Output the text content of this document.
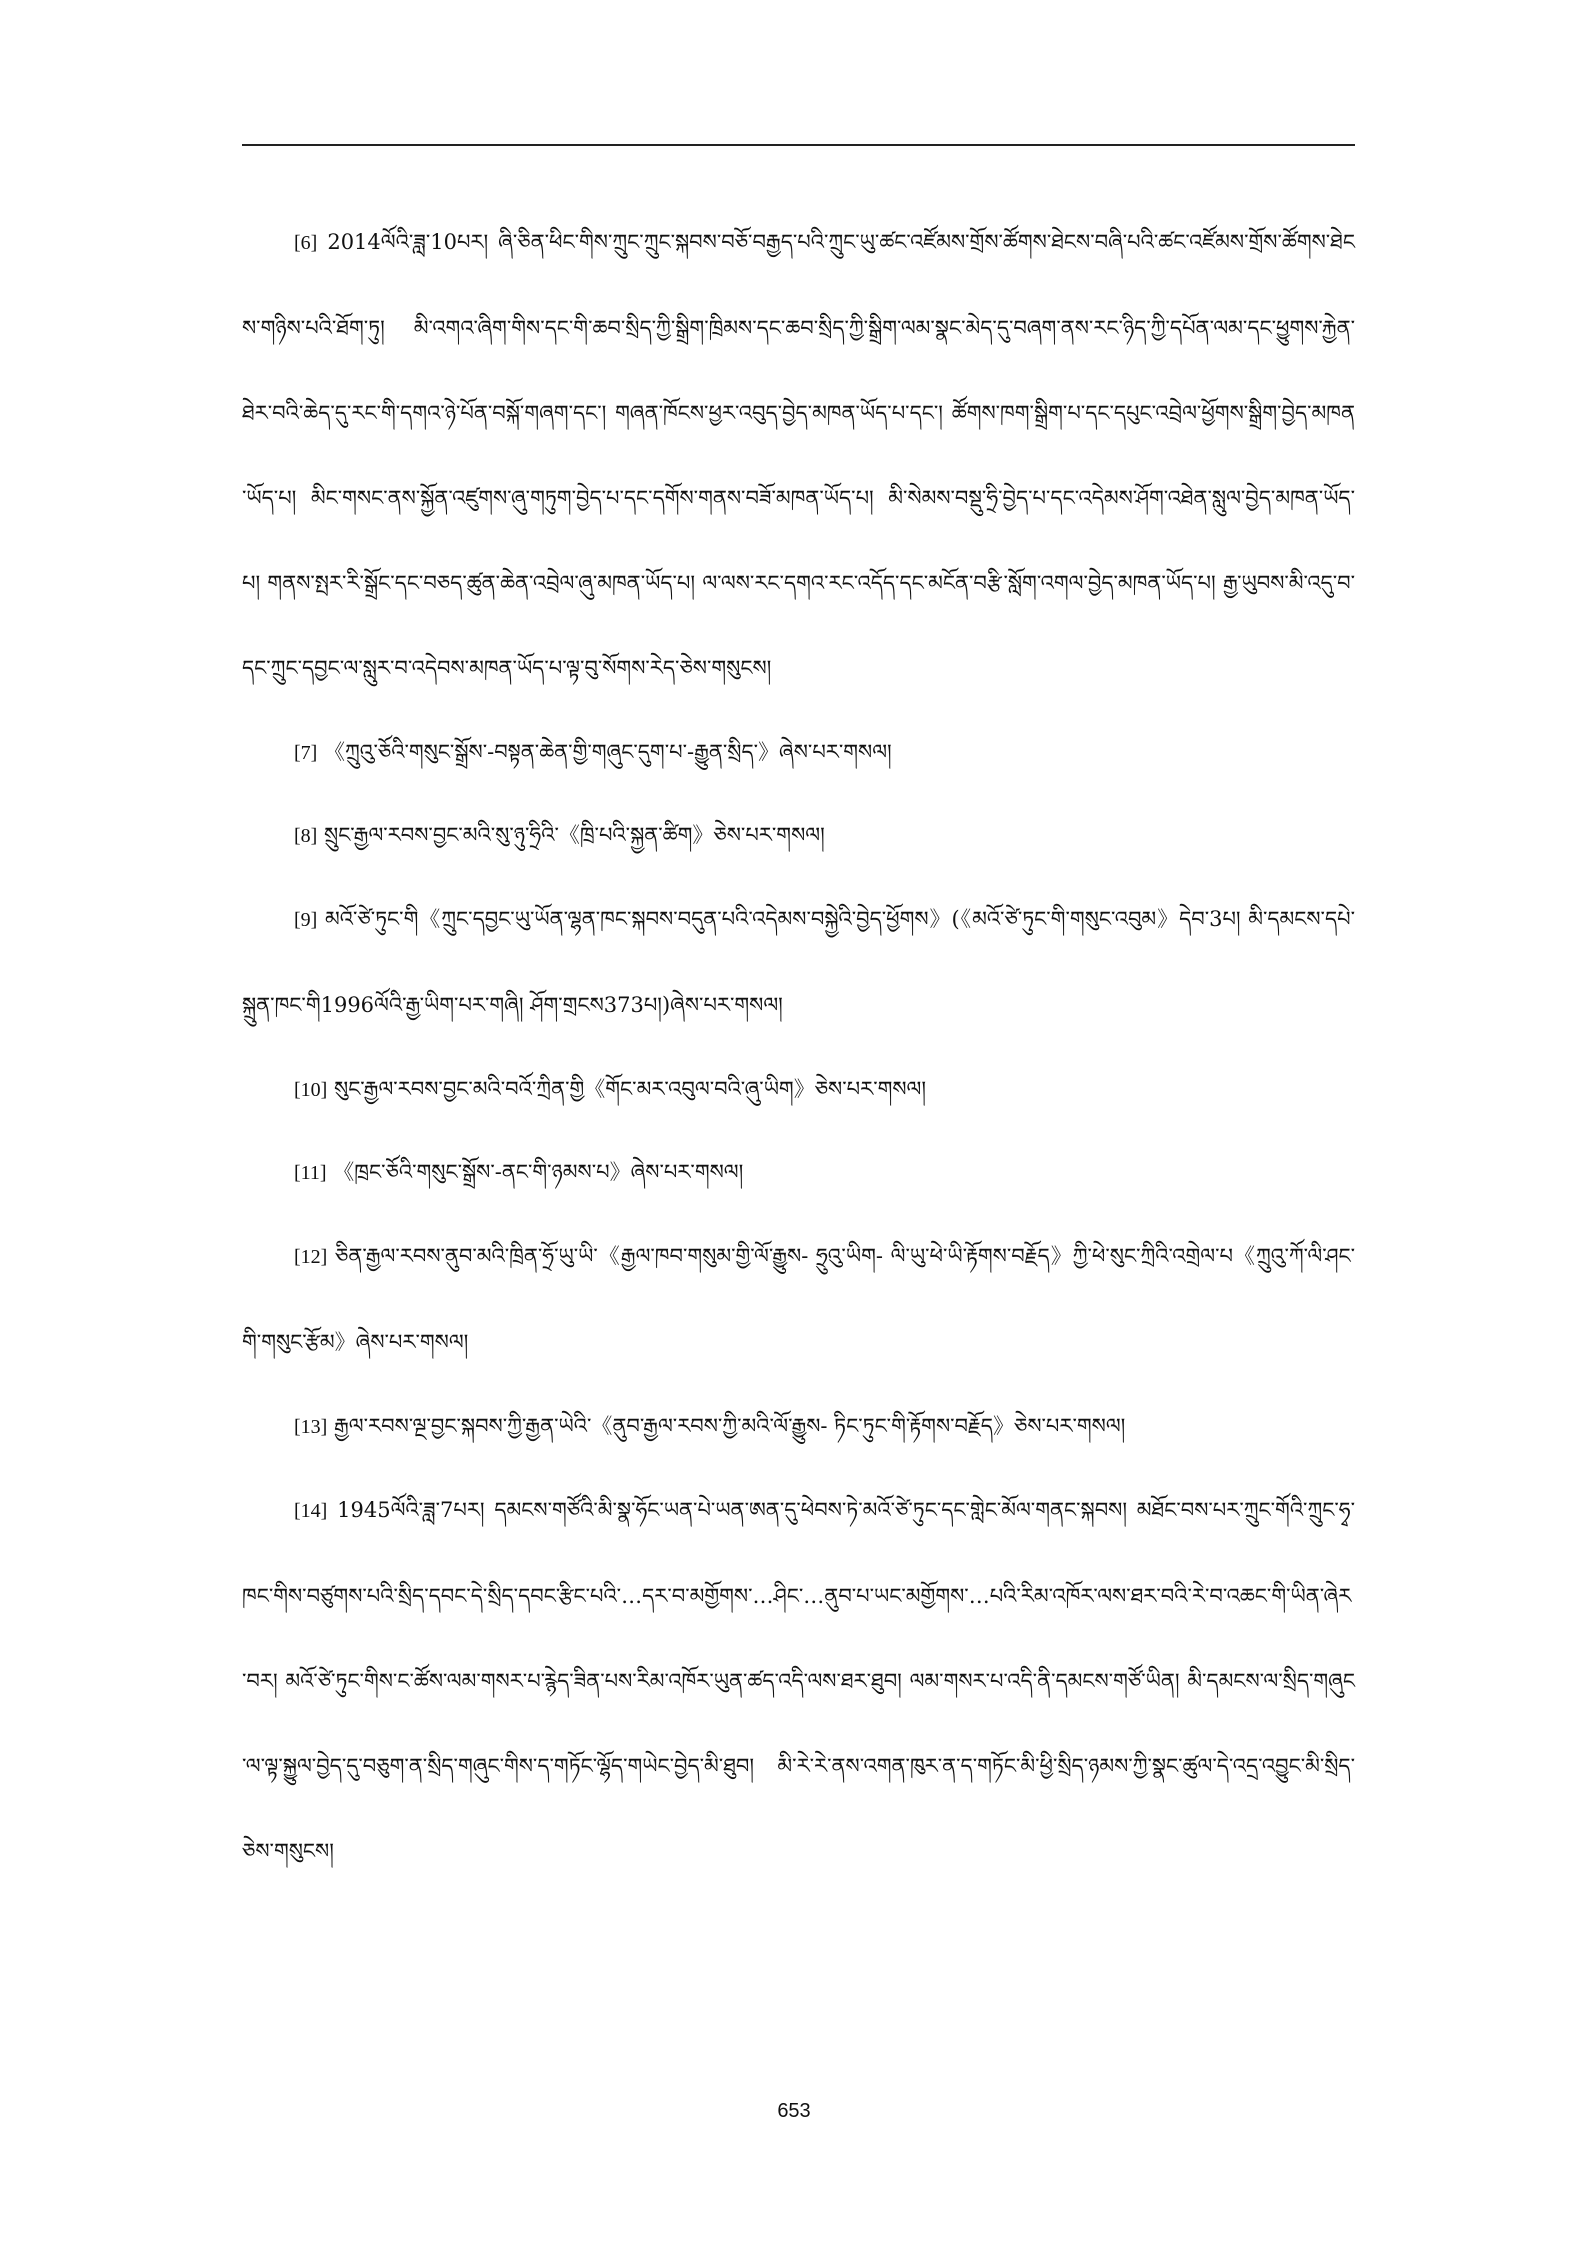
[6] 2014ལོའི་ཟླ་10པར། ཞི་ཅིན་ཕིང་གིས་ཀྲུང་ཀྲུང་སྐབས་བཅོ་བརྒྱད་པའི་ཀྲུང་ཡུ་ཚང་འཛོམས་གྲོས་ཚོགས་ཐེངས་བཞི་པའི་ཚང་འཛོམས་གྲོས་ཚོགས་ཐེངས་གཉིས་པའི་ཐོག་ཏུ། མི་འགའ་ཞིག་གིས་དང་གི་ཆབ་སྲིད་ཀྱི་སྒྲིག་ཁྲིམས་དང་ཆབ་སྲིད་ཀྱི་སྒྲིག་ལམ་སྣང་མེད་དུ་བཞག་ནས་རང་ཉིད་ཀྱི་དཔོན་ལམ་དང་ཕྱུགས་རྐྱེན་ཐེར་བའི་ཆེད་དུ་རང་གི་དགའ་ཉེ་པོན་བསྐོ་གཞག་དང་། གཞན་ཁོངས་ཕྱར་འབུད་བྱེད་མཁན་ཡོད་པ་དང་། ཚོགས་ཁག་སྒྲིག་པ་དང་དཔུང་འབྲེལ་ཕྱོགས་སྒྲིག་བྱེད་མཁན་ཡོད་པ། མིང་གསང་ནས་སྐྱོན་འཛུགས་ཞུ་གཏུག་བྱེད་པ་དང་དགོས་གནས་བཟོ་མཁན་ཡོད་པ། མི་སེམས་བསྡུ་ཧྲི་བྱེད་པ་དང་འདེམས་ཤོག་འཐེན་སླུལ་བྱེད་མཁན་ཡོད་པ། གནས་སྤར་རི་སྒྲོང་དང་བཅད་ཚུན་ཆེན་འབྲེལ་ཞུ་མཁན་ཡོད་པ། ལ་ལས་རང་དགའ་རང་འདོད་དང་མངོན་བརྩི་སློག་འགལ་བྱེད་མཁན་ཡོད་པ། རྒྱ་ཡུབས་མི་འདུ་བ་དང་ཀྲུང་དབྱང་ལ་སླུར་བ་འདེབས་མཁན་ཡོད་པ་ལྟ་བུ་སོགས་རེད་ཅེས་གསུངས།

[7] 《ཀྲུའུ་ཅོའི་གསུང་སྒྲོས་-བསྟན་ཆེན་གྱི་གཞུང་དུག་པ་-རྒྱུན་སྲིད་》ཞེས་པར་གསལ།

[8] སྲུང་རྒྱལ་རབས་བྱང་མའི་སུ་ཉུ་ཧྲིའི་《ཁྲི་པའི་སྐྱན་ཚིག》ཅེས་པར་གསལ།

[9] མའོ་ཙེ་ཏུང་གི《ཀྲུང་དབྱང་ཡུ་ཡོན་ལྷན་ཁང་སྐབས་བདུན་པའི་འདེམས་བསྐྱེའི་བྱེད་ཕྱོགས》(《མའོ་ཙེ་ཏུང་གི་གསུང་འབུམ》དེབ་3པ། མི་དམངས་དཔེ་སྐྲུན་ཁང་གི1996ལོའི་རྒྱ་ཡིག་པར་གཞི། ཤོག་གྲངས373པ།)ཞེས་པར་གསལ།

[10] སུང་རྒྱལ་རབས་བྱང་མའི་བའོ་ཀྲིན་གྱི《གོང་མར་འབུལ་བའི་ཞུ་ཡིག》ཅེས་པར་གསལ།

[11] 《ཁྲང་ཅོའི་གསུང་སྒྲོས་-ནང་གི་ཉམས་པ》ཞེས་པར་གསལ།

[12] ཅིན་རྒྱལ་རབས་ནུབ་མའི་ཁྲིན་ཧྲོ་ཡུ་ཡི་《རྒྱལ་ཁབ་གསུམ་གྱི་ལོ་རྒྱུས- ཧྲུའུ་ཡིག- ལི་ཡུ་ཕེ་ཡི་རྟོགས་བརྗོད》ཀྱི་ཕེ་སུང་ཀྲིའི་འགྲེལ་པ《ཀྲུའུ་ཀོ་ལི་ཤང་གི་གསུང་རྩོམ》ཞེས་པར་གསལ།

[13] རྒྱལ་རབས་ལྔ་བྱང་སྐབས་ཀྱི་རྒྱན་ཡེའི་《ནུབ་རྒྱལ་རབས་ཀྱི་མའི་ལོ་རྒྱུས- ཏིང་ཏུང་གི་རྟོགས་བརྗོད》ཅེས་པར་གསལ།

[14] 1945ལོའི་ཟླ་7པར། དམངས་གཙོའི་མི་སྣ་ཧོང་ཡན་པེ་ཡན་ཨན་དུ་ཕེབས་ཏེ་མའོ་ཙེ་ཏུང་དང་གླེང་མོལ་གནང་སྐབས། མཐོང་བས་པར་ཀྲུང་གོའི་ཀྲུང་ཧྭ་ཁང་གིས་བཙུགས་པའི་སྲིད་དབང་དེ་སྲིད་དབང་རྩིང་པའི་…དར་བ་མགྱོགས་…ཤིང་…ནུབ་པ་ཡང་མགྱོགས་…པའི་རིམ་འཁོར་ལས་ཐར་བའི་རེ་བ་འཆང་གི་ཡིན་ཞེར་བར། མའོ་ཙེ་ཏུང་གིས་ང་ཚོས་ལམ་གསར་པ་རྙེད་ཟིན་པས་རིམ་འཁོར་ཡུན་ཚད་འདི་ལས་ཐར་ཐུབ། ལམ་གསར་པ་འདི་ནི་དམངས་གཙོ་ཡིན། མི་དམངས་ལ་སྲིད་གཞུང་ལ་ལྟ་སྐྱུལ་བྱེད་དུ་བཅུག་ན་སྲིད་གཞུང་གིས་ད་གཏོང་ལྷོད་གཡེང་བྱེད་མི་ཐུབ། མི་རེ་རེ་ནས་འགན་ཁུར་ན་ད་གཏོང་མི་ཕྱི་སྲིད་ཉམས་ཀྱི་སྣང་ཚུལ་དེ་འདྲ་འབྱུང་མི་སྲིད་ཅེས་གསུངས།

653
